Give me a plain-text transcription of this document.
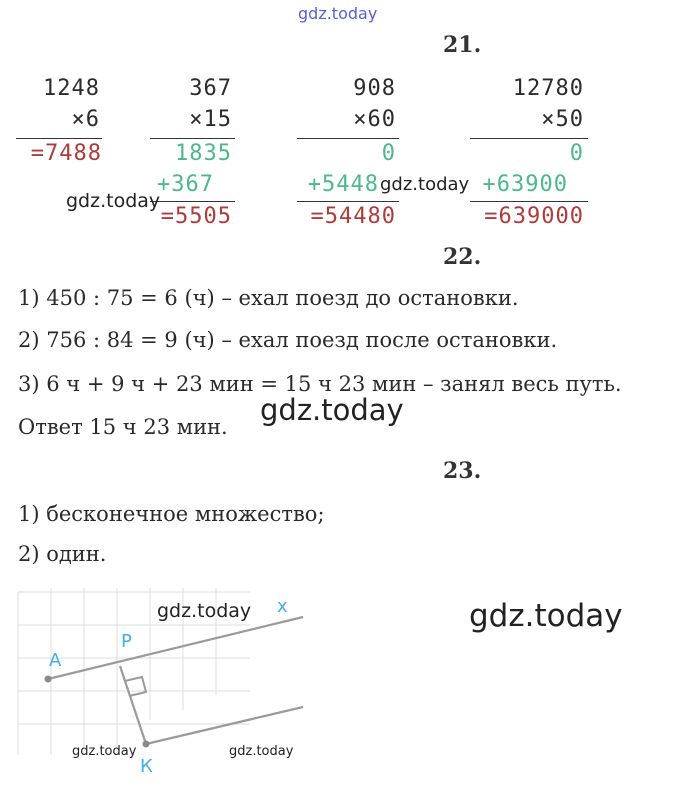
gdz.today
21.
1248
×6
=7488
367
×15
1835
+367
=5505
908
×60
0
+5448
=54480
12780
×50
0
+63900
=639000
gdz.today
gdz.today
22.
1) 450 : 75 = 6 (ч) – ехал поезд до остановки.
2) 756 : 84 = 9 (ч) – ехал поезд после остановки.
3) 6 ч + 9 ч + 23 мин = 15 ч 23 мин – занял весь путь.
Ответ 15 ч 23 мин. gdz.today
23.
1) бесконечное множество;
2) один.
А
Р
х
К
gdz.today	gdz.today
gdz.today	gdz.today
